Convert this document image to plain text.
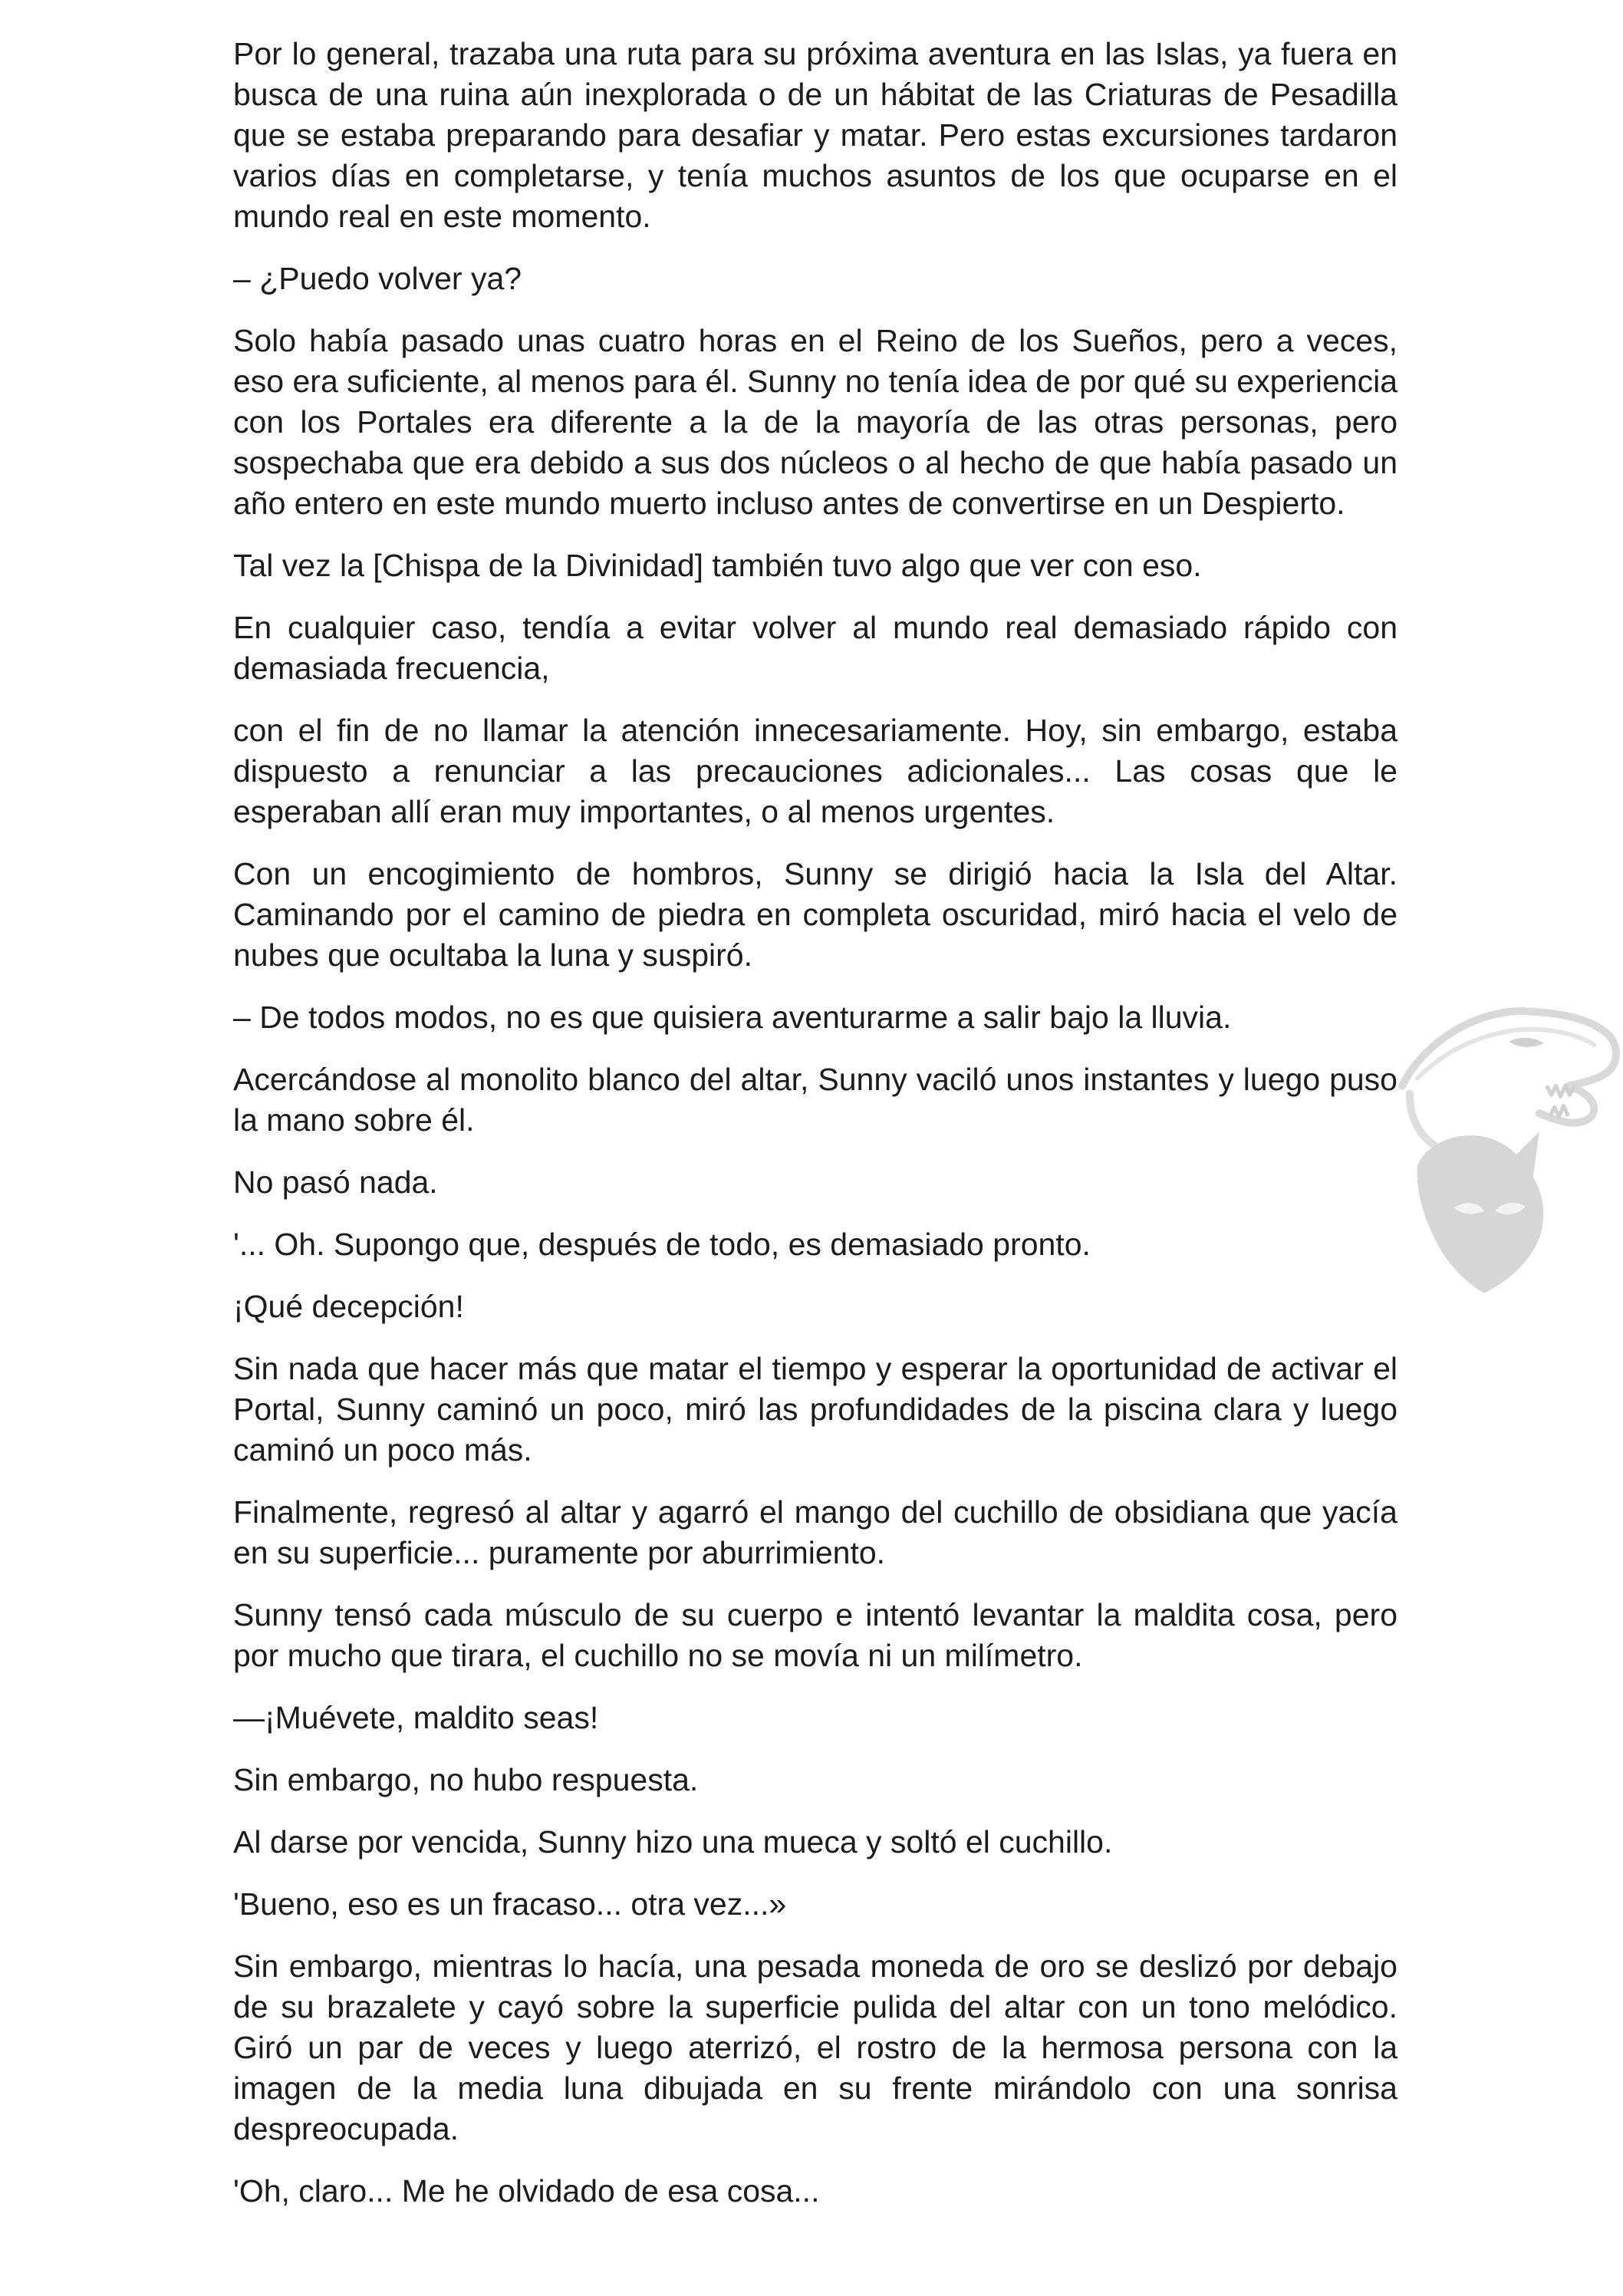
Por lo general, trazaba una ruta para su próxima aventura en las Islas, ya fuera en busca de una ruina aún inexplorada o de un hábitat de las Criaturas de Pesadilla que se estaba preparando para desafiar y matar. Pero estas excursiones tardaron varios días en completarse, y tenía muchos asuntos de los que ocuparse en el mundo real en este momento.

– ¿Puedo volver ya?

Solo había pasado unas cuatro horas en el Reino de los Sueños, pero a veces, eso era suficiente, al menos para él. Sunny no tenía idea de por qué su experiencia con los Portales era diferente a la de la mayoría de las otras personas, pero sospechaba que era debido a sus dos núcleos o al hecho de que había pasado un año entero en este mundo muerto incluso antes de convertirse en un Despierto.

Tal vez la [Chispa de la Divinidad] también tuvo algo que ver con eso.

En cualquier caso, tendía a evitar volver al mundo real demasiado rápido con demasiada frecuencia,

con el fin de no llamar la atención innecesariamente. Hoy, sin embargo, estaba dispuesto a renunciar a las precauciones adicionales... Las cosas que le esperaban allí eran muy importantes, o al menos urgentes.

Con un encogimiento de hombros, Sunny se dirigió hacia la Isla del Altar. Caminando por el camino de piedra en completa oscuridad, miró hacia el velo de nubes que ocultaba la luna y suspiró.

– De todos modos, no es que quisiera aventurarme a salir bajo la lluvia.

Acercándose al monolito blanco del altar, Sunny vaciló unos instantes y luego puso la mano sobre él.

No pasó nada.

'... Oh. Supongo que, después de todo, es demasiado pronto.

¡Qué decepción!

Sin nada que hacer más que matar el tiempo y esperar la oportunidad de activar el Portal, Sunny caminó un poco, miró las profundidades de la piscina clara y luego caminó un poco más.

Finalmente, regresó al altar y agarró el mango del cuchillo de obsidiana que yacía en su superficie... puramente por aburrimiento.

Sunny tensó cada músculo de su cuerpo e intentó levantar la maldita cosa, pero por mucho que tirara, el cuchillo no se movía ni un milímetro.

—¡Muévete, maldito seas!

Sin embargo, no hubo respuesta.

Al darse por vencida, Sunny hizo una mueca y soltó el cuchillo.

'Bueno, eso es un fracaso... otra vez...»

Sin embargo, mientras lo hacía, una pesada moneda de oro se deslizó por debajo de su brazalete y cayó sobre la superficie pulida del altar con un tono melódico. Giró un par de veces y luego aterrizó, el rostro de la hermosa persona con la imagen de la media luna dibujada en su frente mirándolo con una sonrisa despreocupada.

'Oh, claro... Me he olvidado de esa cosa...
